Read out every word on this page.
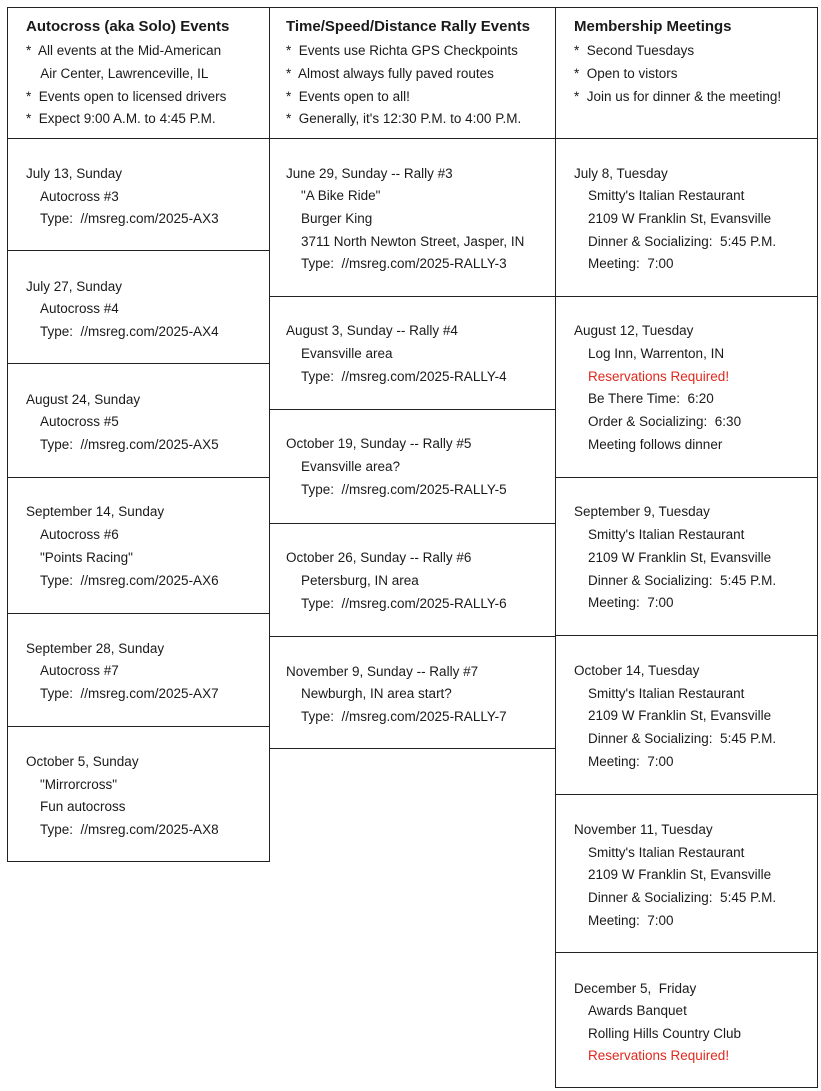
Autocross (aka Solo) Events
*  All events at the Mid-American
Air Center, Lawrenceville, IL
*  Events open to licensed drivers
*  Expect 9:00 A.M. to 4:45 P.M.
July 13, Sunday
Autocross #3
Type:  //msreg.com/2025-AX3
July 27, Sunday
Autocross #4
Type:  //msreg.com/2025-AX4
August 24, Sunday
Autocross #5
Type:  //msreg.com/2025-AX5
September 14, Sunday
Autocross #6
"Points Racing"
Type:  //msreg.com/2025-AX6
September 28, Sunday
Autocross #7
Type:  //msreg.com/2025-AX7
October 5, Sunday
"Mirrorcross"
Fun autocross
Type:  //msreg.com/2025-AX8
Time/Speed/Distance Rally Events
*  Events use Richta GPS Checkpoints
*  Almost always fully paved routes
*  Events open to all!
*  Generally, it's 12:30 P.M. to 4:00 P.M.
June 29, Sunday -- Rally #3
"A Bike Ride"
Burger King
3711 North Newton Street, Jasper, IN
Type:  //msreg.com/2025-RALLY-3
August 3, Sunday -- Rally #4
Evansville area
Type:  //msreg.com/2025-RALLY-4
October 19, Sunday -- Rally #5
Evansville area?
Type:  //msreg.com/2025-RALLY-5
October 26, Sunday -- Rally #6
Petersburg, IN area
Type:  //msreg.com/2025-RALLY-6
November 9, Sunday -- Rally #7
Newburgh, IN area start?
Type:  //msreg.com/2025-RALLY-7
Membership Meetings
*  Second Tuesdays
*  Open to vistors
*  Join us for dinner & the meeting!
July 8, Tuesday
Smitty's Italian Restaurant
2109 W Franklin St, Evansville
Dinner & Socializing:  5:45 P.M.
Meeting:  7:00
August 12, Tuesday
Log Inn, Warrenton, IN
Reservations Required!
Be There Time:  6:20
Order & Socializing:  6:30
Meeting follows dinner
September 9, Tuesday
Smitty's Italian Restaurant
2109 W Franklin St, Evansville
Dinner & Socializing:  5:45 P.M.
Meeting:  7:00
October 14, Tuesday
Smitty's Italian Restaurant
2109 W Franklin St, Evansville
Dinner & Socializing:  5:45 P.M.
Meeting:  7:00
November 11, Tuesday
Smitty's Italian Restaurant
2109 W Franklin St, Evansville
Dinner & Socializing:  5:45 P.M.
Meeting:  7:00
December 5,  Friday
Awards Banquet
Rolling Hills Country Club
Reservations Required!
